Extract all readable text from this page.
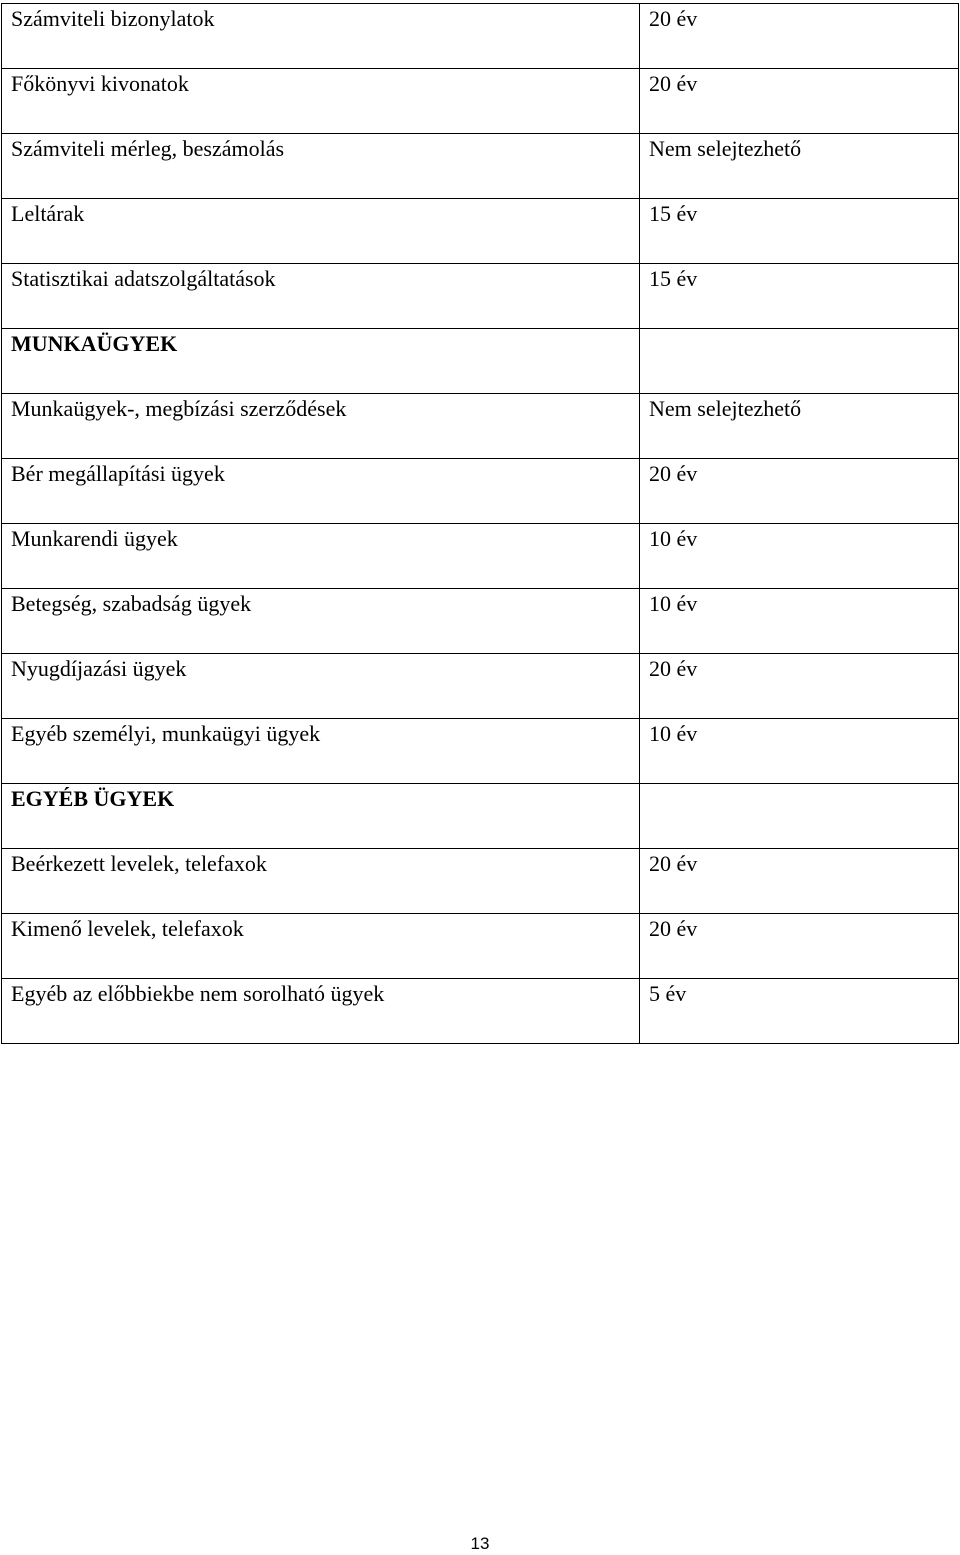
Számviteli bizonylatok	20 év
Főkönyvi kivonatok	20 év
Számviteli mérleg, beszámolás	Nem selejtezhető
Leltárak	15 év
Statisztikai adatszolgáltatások	15 év
MUNKAÜGYEK	
Munkaügyek-, megbízási szerződések	Nem selejtezhető
Bér megállapítási ügyek	20 év
Munkarendi ügyek	10 év
Betegség, szabadság ügyek	10 év
Nyugdíjazási ügyek	20 év
Egyéb személyi, munkaügyi ügyek	10 év
EGYÉB ÜGYEK	
Beérkezett levelek, telefaxok	20 év
Kimenő levelek, telefaxok	20 év
Egyéb az előbbiekbe nem sorolható ügyek	5 év
13
